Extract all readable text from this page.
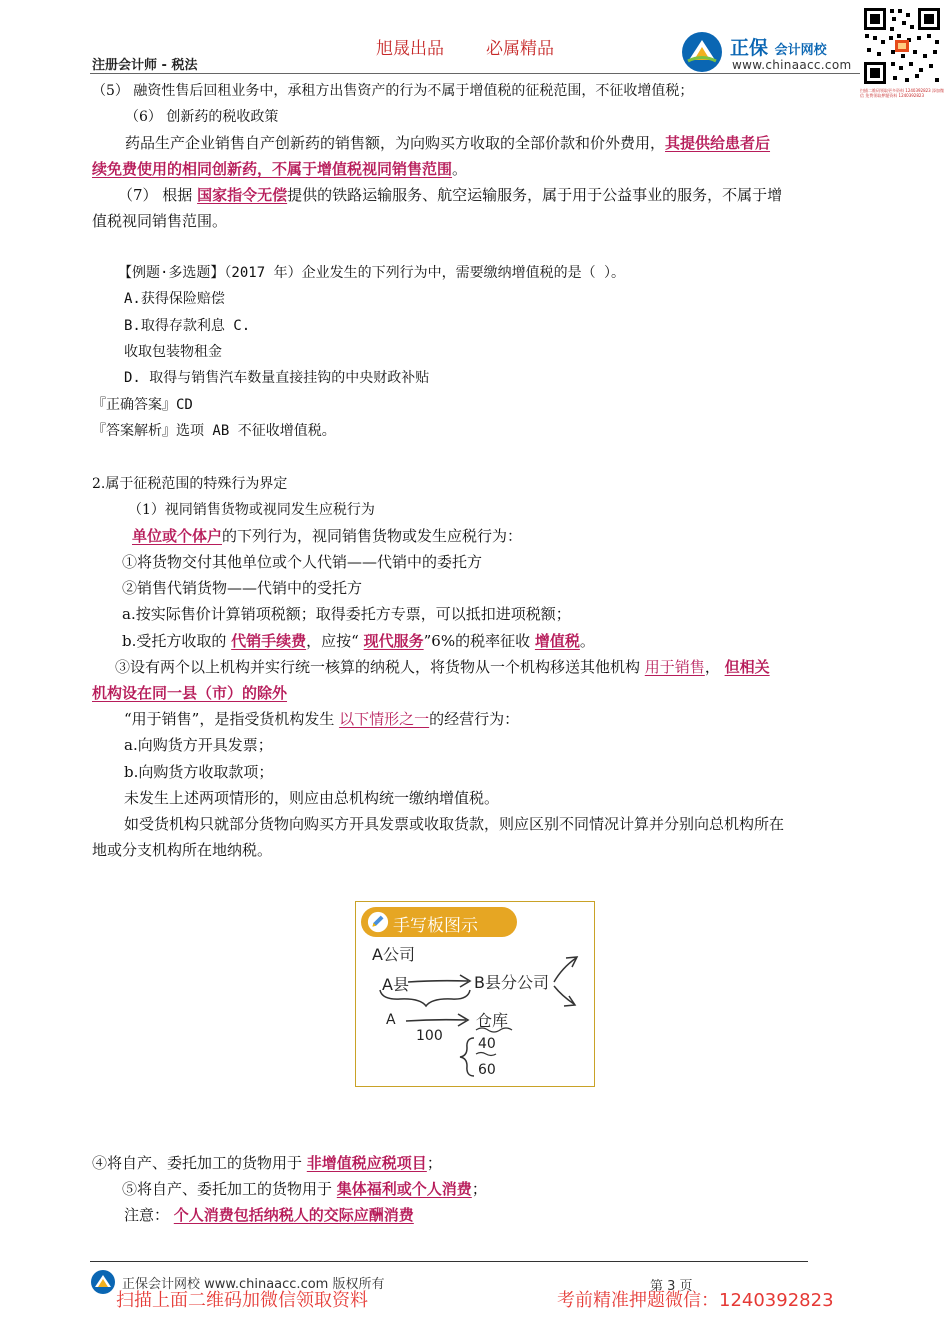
旭晟出品 必属精品
注册会计师 - 税法
正保 会计网校
www.chinaacc.com
扫描二维码领取更多资料 1240392823 添加微信 免费领取押题资料 1240392823
（5） 融资性售后回租业务中，承租方出售资产的行为不属于增值税的征税范围，不征收增值税；
（6） 创新药的税收政策
药品生产企业销售自产创新药的销售额，为向购买方收取的全部价款和价外费用，其提供给患者后
续免费使用的相同创新药，不属于增值税视同销售范围。
（7） 根据 国家指令无偿提供的铁路运输服务、航空运输服务，属于用于公益事业的服务，不属于增
值税视同销售范围。
【例题·多选题】（2017 年）企业发生的下列行为中，需要缴纳增值税的是（ ）。
A.获得保险赔偿
B.取得存款利息 C.
收取包装物租金
D. 取得与销售汽车数量直接挂钩的中央财政补贴
『正确答案』CD
『答案解析』选项 AB 不征收增值税。
2.属于征税范围的特殊行为界定
（1）视同销售货物或视同发生应税行为
单位或个体户的下列行为，视同销售货物或发生应税行为：
①将货物交付其他单位或个人代销——代销中的委托方
②销售代销货物——代销中的受托方
a.按实际售价计算销项税额；取得委托方专票，可以抵扣进项税额；
b.受托方收取的 代销手续费，应按“ 现代服务”6%的税率征收 增值税。
③设有两个以上机构并实行统一核算的纳税人，将货物从一个机构移送其他机构 用于销售， 但相关
机构设在同一县（市）的除外
“用于销售”，是指受货机构发生 以下情形之一的经营行为：
a.向购货方开具发票；
b.向购货方收取款项；
未发生上述两项情形的，则应由总机构统一缴纳增值税。
如受货机构只就部分货物向购买方开具发票或收取货款，则应区别不同情况计算并分别向总机构所在
地或分支机构所在地纳税。
手写板图示
A公司
A县	B县分公司
A
100
仓库
40
60
④将自产、委托加工的货物用于 非增值税应税项目；
⑤将自产、委托加工的货物用于 集体福利或个人消费；
注意： 个人消费包括纳税人的交际应酬消费
正保会计网校 www.chinaacc.com 版权所有	第 3 页
扫描上面二维码加微信领取资料	考前精准押题微信：1240392823
